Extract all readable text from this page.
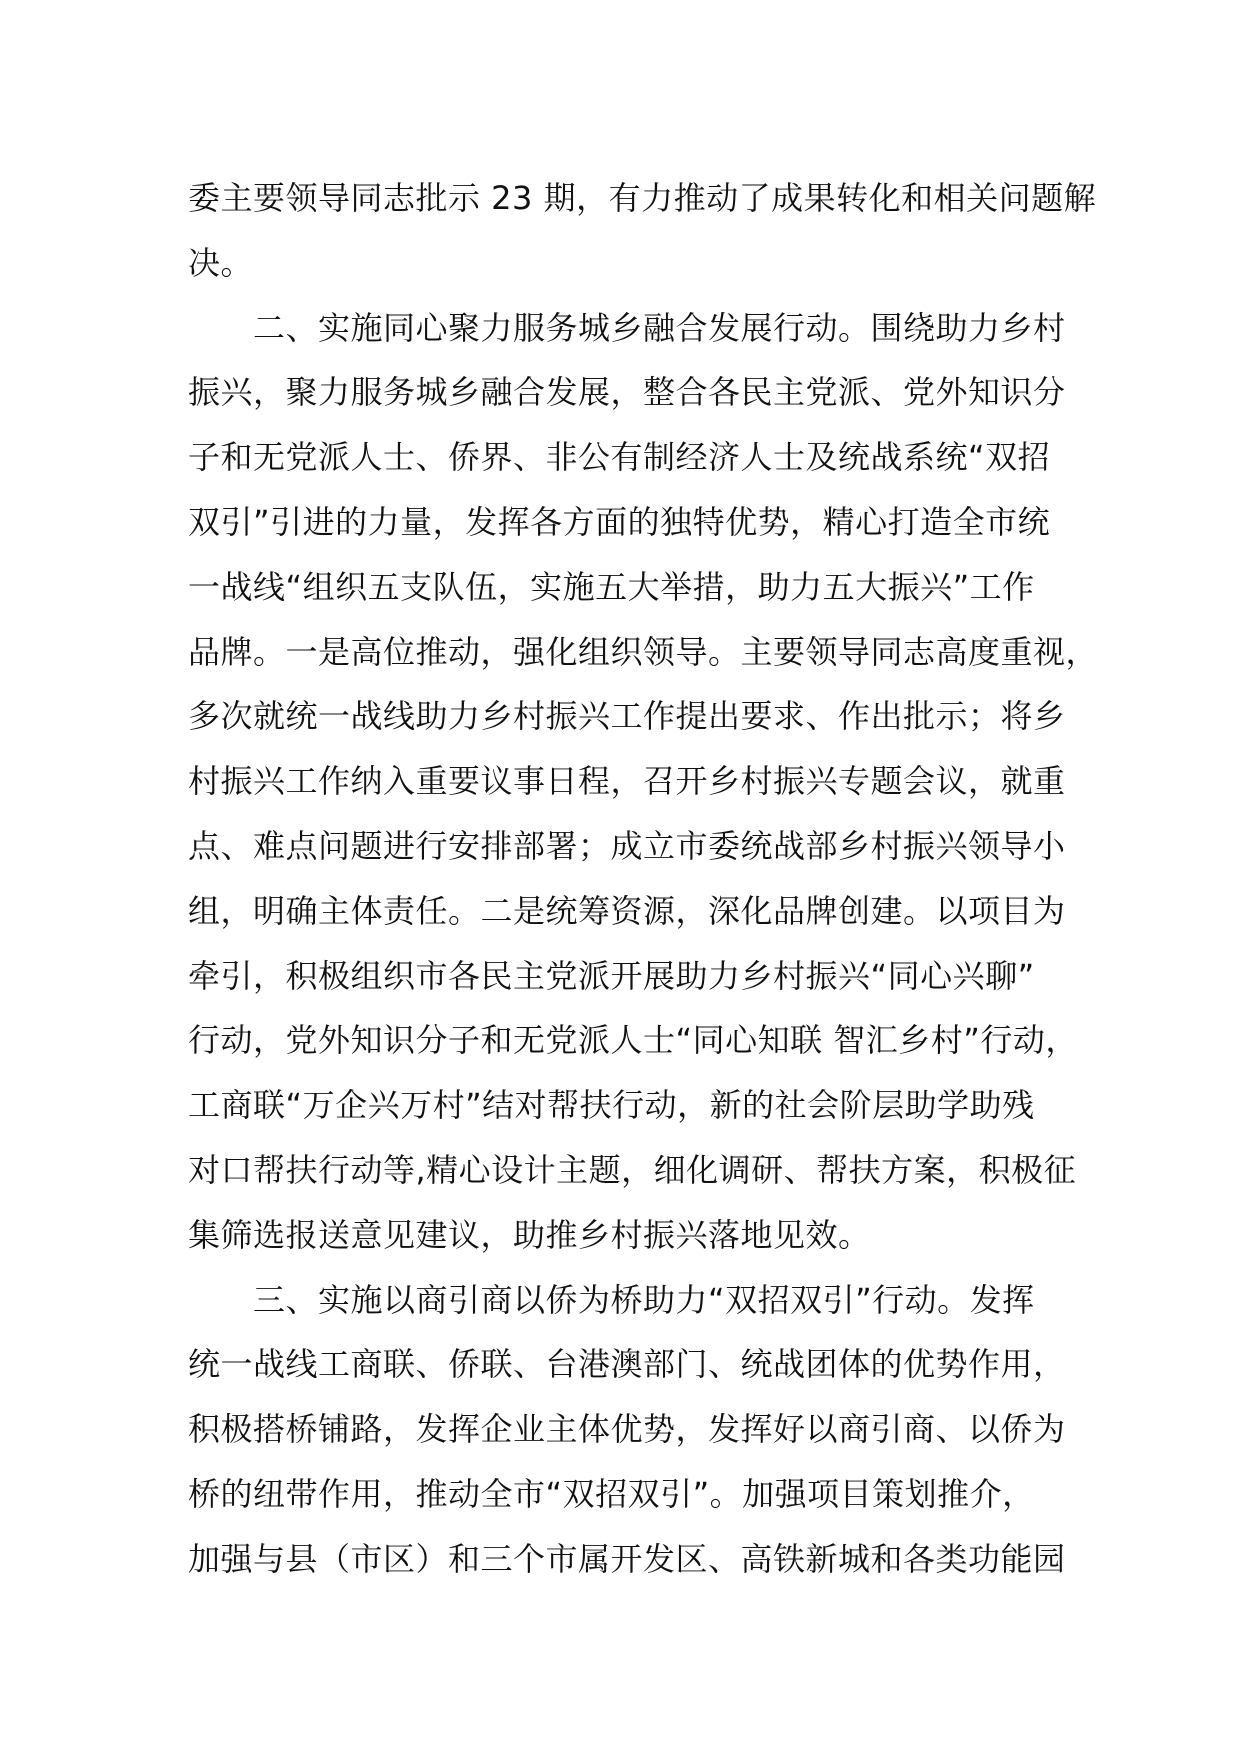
委主要领导同志批示 23 期，有力推动了成果转化和相关问题解
决。
　　二、实施同心聚力服务城乡融合发展行动。围绕助力乡村
振兴，聚力服务城乡融合发展，整合各民主党派、党外知识分
子和无党派人士、侨界、非公有制经济人士及统战系统“双招
双引”引进的力量，发挥各方面的独特优势，精心打造全市统
一战线“组织五支队伍，实施五大举措，助力五大振兴”工作
品牌。一是高位推动，强化组织领导。主要领导同志高度重视，
多次就统一战线助力乡村振兴工作提出要求、作出批示；将乡
村振兴工作纳入重要议事日程，召开乡村振兴专题会议，就重
点、难点问题进行安排部署；成立市委统战部乡村振兴领导小
组，明确主体责任。二是统筹资源，深化品牌创建。以项目为
牵引，积极组织市各民主党派开展助力乡村振兴“同心兴聊”
行动，党外知识分子和无党派人士“同心知联 智汇乡村”行动，
工商联“万企兴万村”结对帮扶行动，新的社会阶层助学助残
对口帮扶行动等,精心设计主题，细化调研、帮扶方案，积极征
集筛选报送意见建议，助推乡村振兴落地见效。
　　三、实施以商引商以侨为桥助力“双招双引”行动。发挥
统一战线工商联、侨联、台港澳部门、统战团体的优势作用，
积极搭桥铺路，发挥企业主体优势，发挥好以商引商、以侨为
桥的纽带作用，推动全市“双招双引”。加强项目策划推介，
加强与县（市区）和三个市属开发区、高铁新城和各类功能园
